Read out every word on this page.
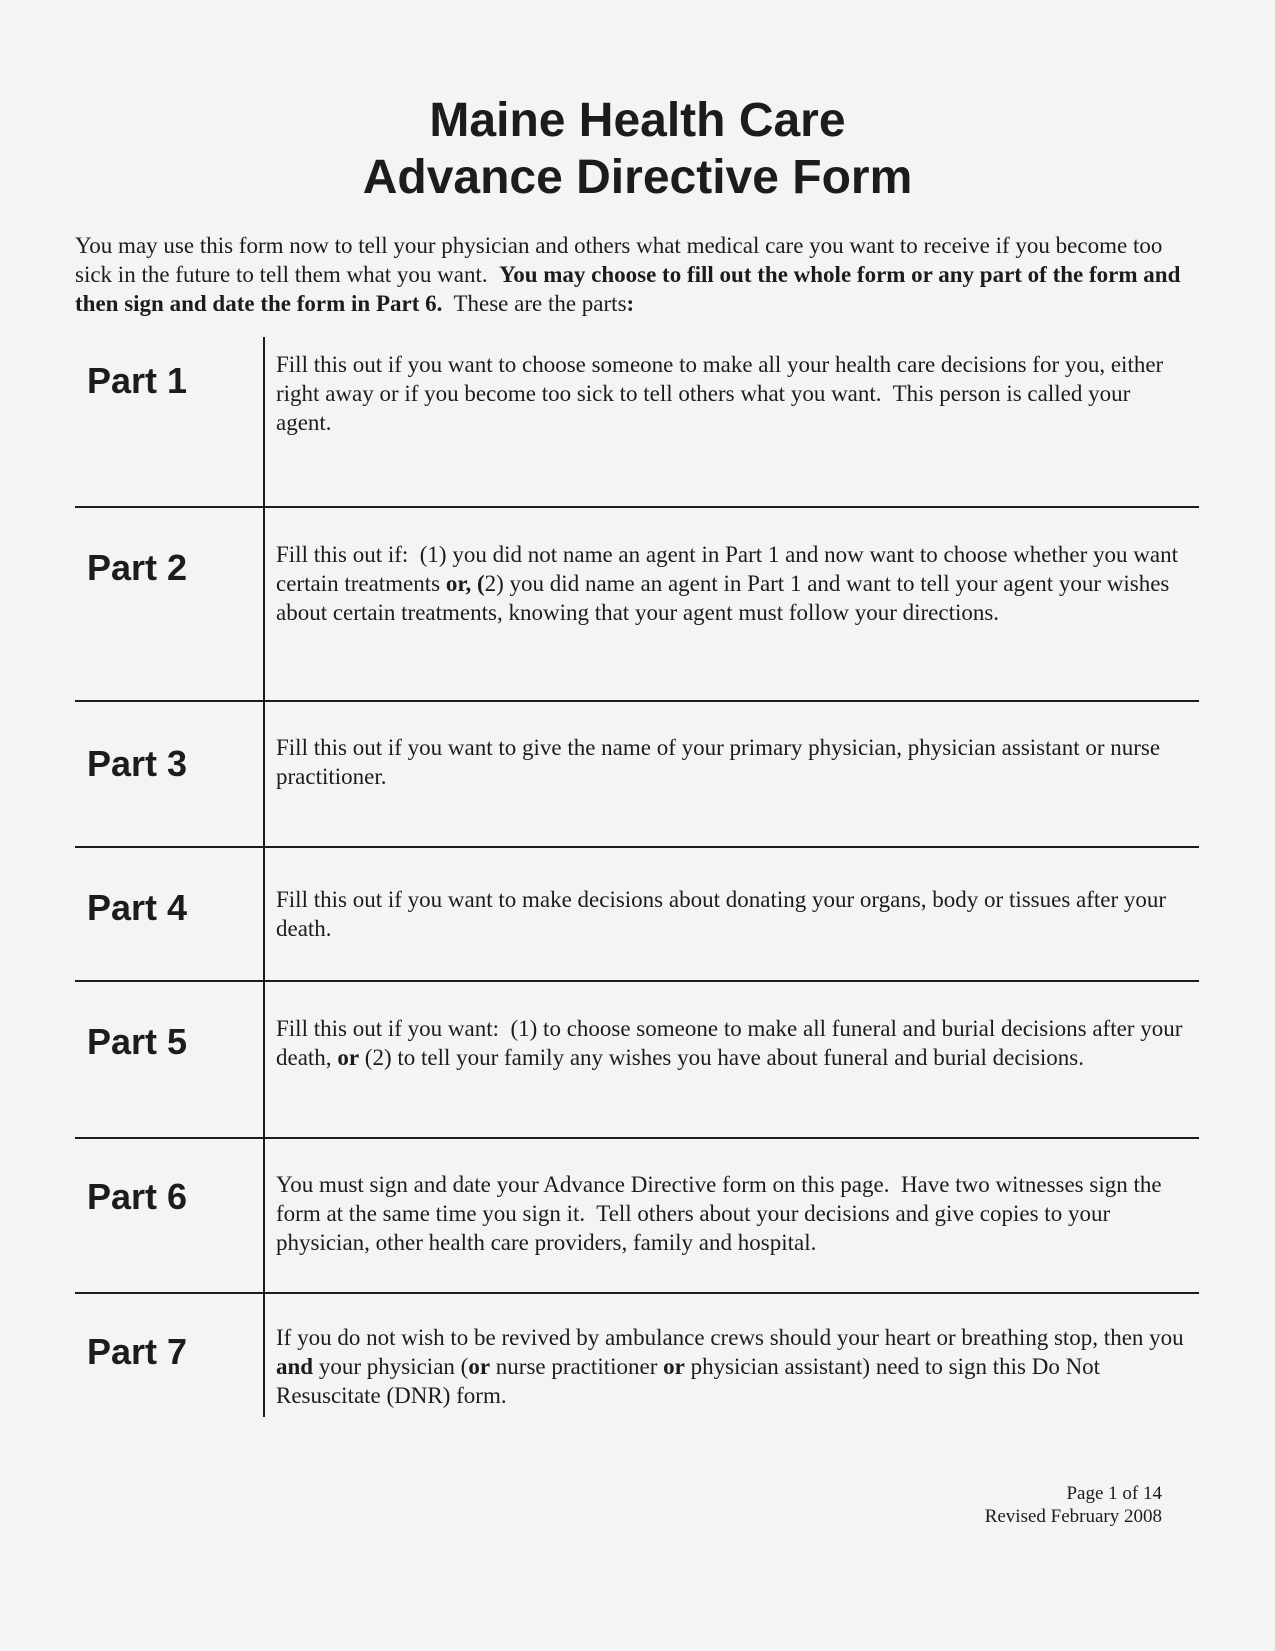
Maine Health Care
Advance Directive Form
You may use this form now to tell your physician and others what medical care you want to receive if you become too sick in the future to tell them what you want. You may choose to fill out the whole form or any part of the form and then sign and date the form in Part 6. These are the parts:
Part 1	Fill this out if you want to choose someone to make all your health care decisions for you, either right away or if you become too sick to tell others what you want.  This person is called your agent.
Part 2	Fill this out if:  (1) you did not name an agent in Part 1 and now want to choose whether you want certain treatments or, (2) you did name an agent in Part 1 and want to tell your agent your wishes about certain treatments, knowing that your agent must follow your directions.
Part 3	Fill this out if you want to give the name of your primary physician, physician assistant or nurse practitioner.
Part 4	Fill this out if you want to make decisions about donating your organs, body or tissues after your death.
Part 5	Fill this out if you want:  (1) to choose someone to make all funeral and burial decisions after your death, or (2) to tell your family any wishes you have about funeral and burial decisions.
Part 6	You must sign and date your Advance Directive form on this page.  Have two witnesses sign the form at the same time you sign it.  Tell others about your decisions and give copies to your physician, other health care providers, family and hospital.
Part 7	If you do not wish to be revived by ambulance crews should your heart or breathing stop, then you and your physician (or nurse practitioner or physician assistant) need to sign this Do Not Resuscitate (DNR) form.
Page 1 of 14
Revised February 2008
